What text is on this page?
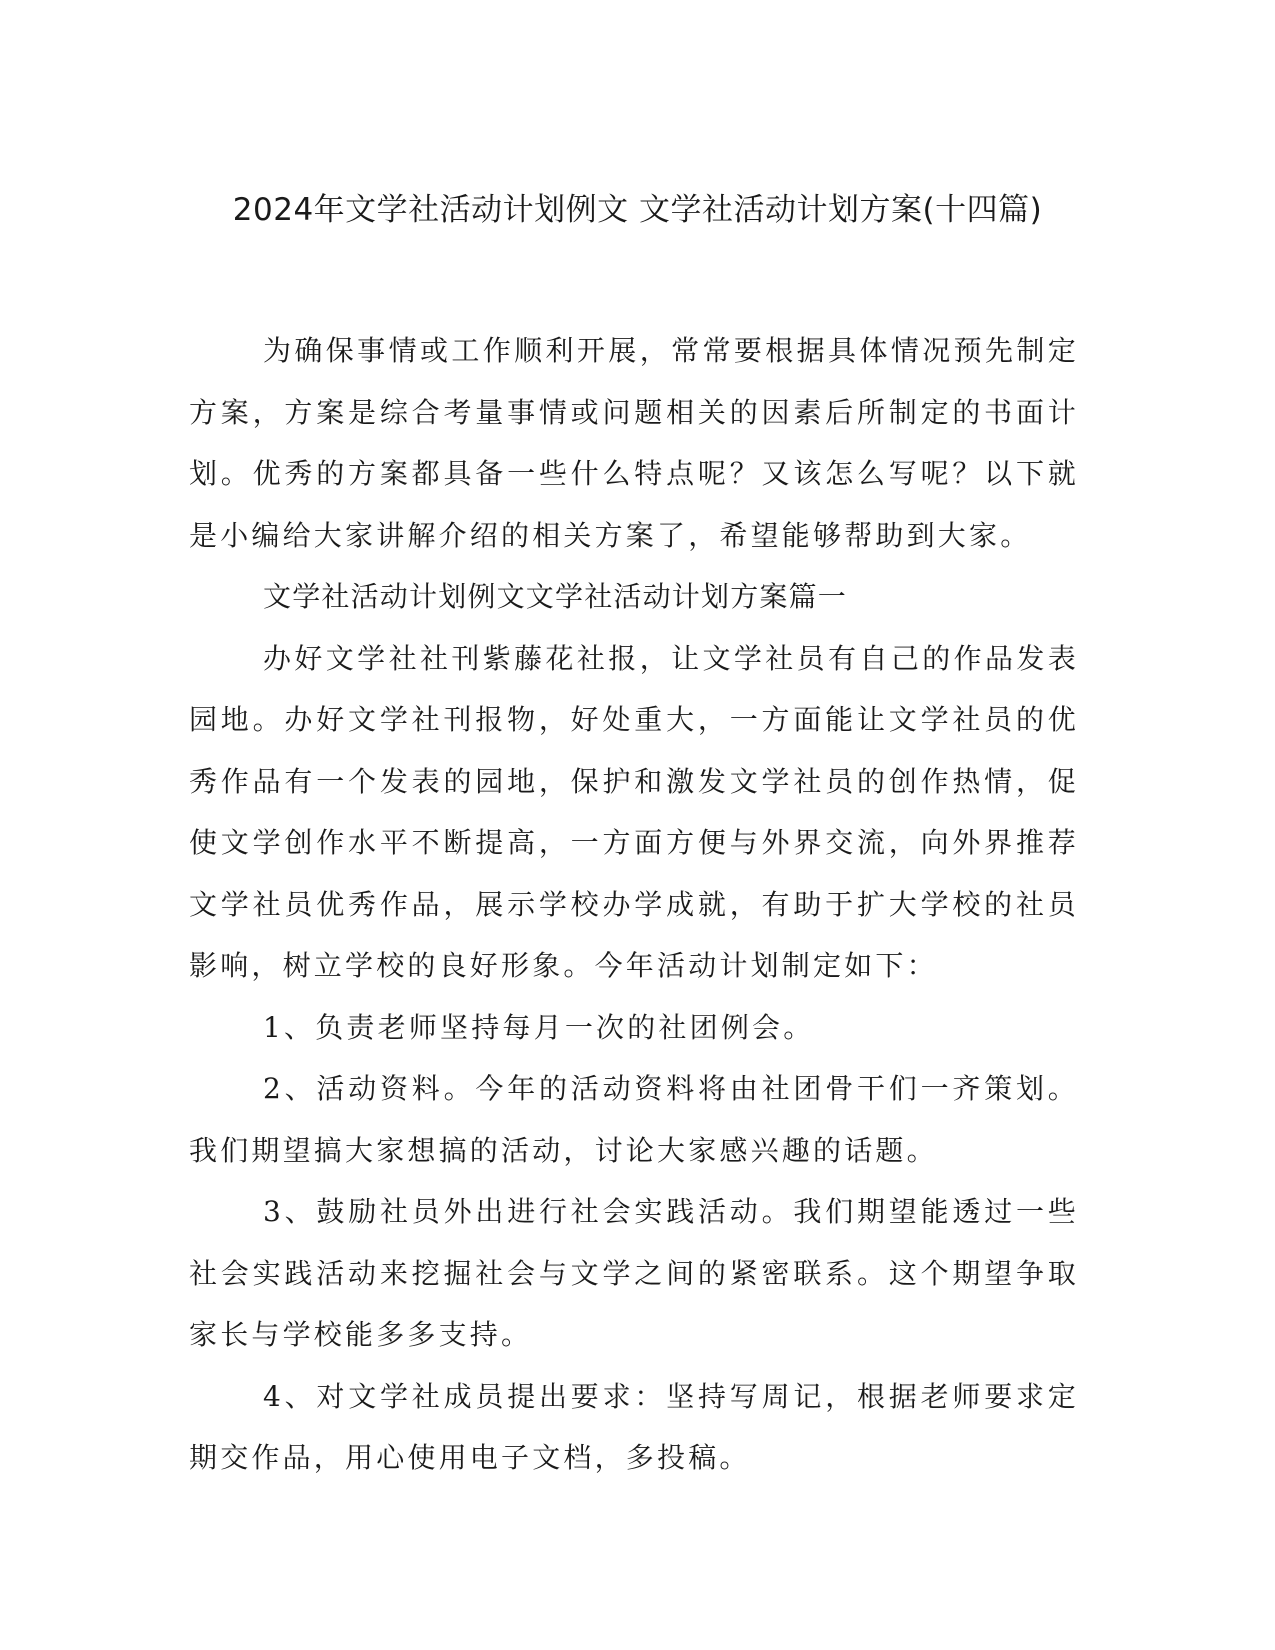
2024年文学社活动计划例文 文学社活动计划方案(十四篇)

为确保事情或工作顺利开展，常常要根据具体情况预先制定方案，方案是综合考量事情或问题相关的因素后所制定的书面计划。优秀的方案都具备一些什么特点呢？又该怎么写呢？以下就是小编给大家讲解介绍的相关方案了，希望能够帮助到大家。

文学社活动计划例文文学社活动计划方案篇一

办好文学社社刊紫藤花社报，让文学社员有自己的作品发表园地。办好文学社刊报物，好处重大，一方面能让文学社员的优秀作品有一个发表的园地，保护和激发文学社员的创作热情，促使文学创作水平不断提高，一方面方便与外界交流，向外界推荐文学社员优秀作品，展示学校办学成就，有助于扩大学校的社员影响，树立学校的良好形象。今年活动计划制定如下：

1、负责老师坚持每月一次的社团例会。

2、活动资料。今年的活动资料将由社团骨干们一齐策划。我们期望搞大家想搞的活动，讨论大家感兴趣的话题。

3、鼓励社员外出进行社会实践活动。我们期望能透过一些社会实践活动来挖掘社会与文学之间的紧密联系。这个期望争取家长与学校能多多支持。

4、对文学社成员提出要求：坚持写周记，根据老师要求定期交作品，用心使用电子文档，多投稿。
